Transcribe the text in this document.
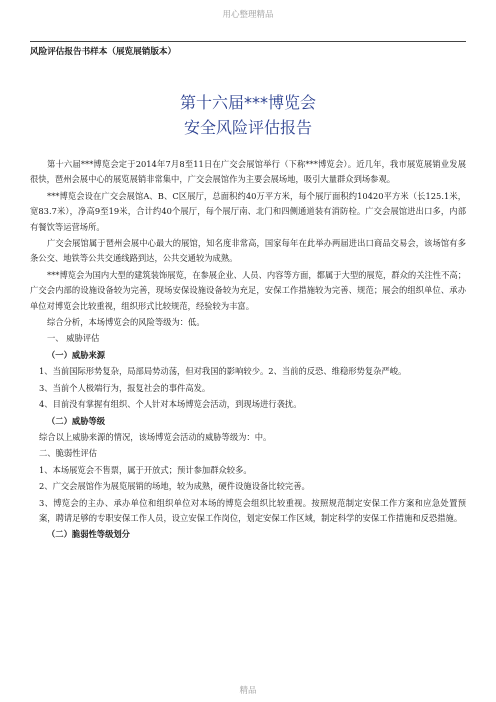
用心整理精品
风险评估报告书样本（展览展销版本）
第十六届***博览会
安全风险评估报告

第十六届***博览会定于2014年7月8至11日在广交会展馆举行（下称***博览会）。近几年，我市展览展销业发展很快，琶州会展中心的展览展销非常集中，广交会展馆作为主要会展场地，吸引大量群众到场参观。

***博览会设在广交会展馆A、B、C区展厅，总面积约40万平方米，每个展厅面积约10420平方米（长125.1米，宽83.7米），净高9至19米，合计约40个展厅，每个展厅南、北门和四侧通道装有消防栓。广交会展馆进出口多，内部有餐饮等运营场所。

广交会展馆属于琶州会展中心最大的展馆，知名度非常高，国家每年在此举办两届进出口商品交易会，该场馆有多条公交、地铁等公共交通线路到达，公共交通较为成熟。

***博览会为国内大型的建筑装饰展览，在参展企业、人员、内容等方面，都属于大型的展览，群众的关注性不高；广交会内部的设施设备较为完善，现场安保设施设备较为充足，安保工作措施较为完善、规范；展会的组织单位、承办单位对博览会比较重视，组织形式比较规范，经验较为丰富。

综合分析，本场博览会的风险等级为：低。

一、 威胁评估
（一）威胁来源

1、当前国际形势复杂，局部局势动荡，但对我国的影响较少。2、当前的反恐、维稳形势复杂严峻。

3、当前个人极端行为，报复社会的事件高发。

4、目前没有掌握有组织、个人针对本场博览会活动，到现场进行袭扰。

（二）威胁等级

综合以上威胁来源的情况，该场博览会活动的威胁等级为：中。

二、脆弱性评估

1、本场展览会不售票，属于开放式；预计参加群众较多。

2、广交会展馆作为展览展销的场地，较为成熟，硬件设施设备比较完善。

3、博览会的主办、承办单位和组织单位对本场的博览会组织比较重视。按照规范制定安保工作方案和应急处置预案，聘请足够的专职安保工作人员，设立安保工作岗位，划定安保工作区域，制定科学的安保工作措施和反恐措施。

（二）脆弱性等级划分
精品
